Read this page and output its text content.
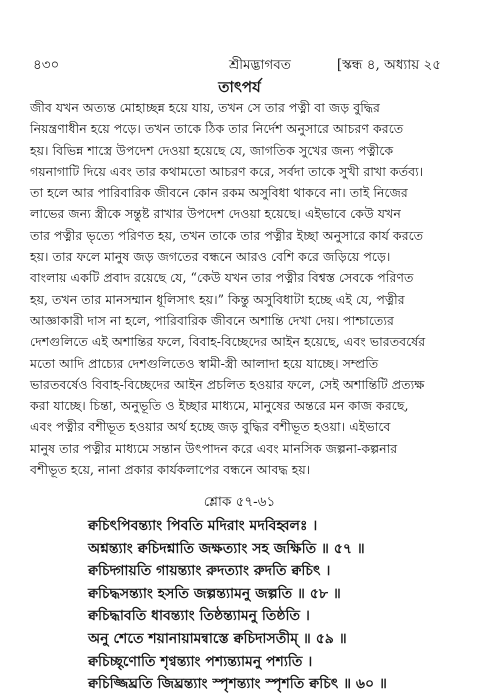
৪৩০	শ্রীমদ্ভাগবত	[স্কন্ধ ৪, অধ্যায় ২৫
তাৎপর্য
জীব যখন অত্যন্ত মোহাচ্ছন্ন হয়ে যায়, তখন সে তার পত্নী বা জড় বুদ্ধির
নিয়ন্ত্রণাধীন হয়ে পড়ে। তখন তাকে ঠিক তার নির্দেশ অনুসারে আচরণ করতে
হয়। বিভিন্ন শাস্ত্রে উপদেশ দেওয়া হয়েছে যে, জাগতিক সুখের জন্য পত্নীকে
গয়নাগাটি দিয়ে এবং তার কথামতো আচরণ করে, সর্বদা তাকে সুখী রাখা কর্তব্য।
তা হলে আর পারিবারিক জীবনে কোন রকম অসুবিধা থাকবে না। তাই নিজের
লাভের জন্য স্ত্রীকে সন্তুষ্ট রাখার উপদেশ দেওয়া হয়েছে। এইভাবে কেউ যখন
তার পত্নীর ভৃত্যে পরিণত হয়, তখন তাকে তার পত্নীর ইচ্ছা অনুসারে কার্য করতে
হয়। তার ফলে মানুষ জড় জগতের বন্ধনে আরও বেশি করে জড়িয়ে পড়ে।
বাংলায় একটি প্রবাদ রয়েছে যে, “কেউ যখন তার পত্নীর বিশ্বস্ত সেবকে পরিণত
হয়, তখন তার মানসম্মান ধূলিসাৎ হয়।” কিন্তু অসুবিধাটা হচ্ছে এই যে, পত্নীর
আজ্ঞাকারী দাস না হলে, পারিবারিক জীবনে অশান্তি দেখা দেয়। পাশ্চাত্যের
দেশগুলিতে এই অশান্তির ফলে, বিবাহ-বিচ্ছেদের আইন হয়েছে, এবং ভারতবর্ষের
মতো আদি প্রাচ্যের দেশগুলিতেও স্বামী-স্ত্রী আলাদা হয়ে যাচ্ছে। সম্প্রতি
ভারতবর্ষেও বিবাহ-বিচ্ছেদের আইন প্রচলিত হওয়ার ফলে, সেই অশান্তিটি প্রত্যক্ষ
করা যাচ্ছে। চিন্তা, অনুভূতি ও ইচ্ছার মাধ্যমে, মানুষের অন্তরে মন কাজ করছে,
এবং পত্নীর বশীভূত হওয়ার অর্থ হচ্ছে জড় বুদ্ধির বশীভূত হওয়া। এইভাবে
মানুষ তার পত্নীর মাধ্যমে সন্তান উৎপাদন করে এবং মানসিক জল্পনা-কল্পনার
বশীভূত হয়ে, নানা প্রকার কার্যকলাপের বন্ধনে আবদ্ধ হয়।
শ্লোক ৫৭-৬১
ক্বচিৎপিবন্ত্যাং পিবতি মদিরাং মদবিহ্বলঃ ।
অশ্নন্ত্যাং ক্বচিদশ্নাতি জক্ষত্যাং সহ জক্ষিতি ॥ ৫৭ ॥
ক্বচিদ্গায়তি গায়ন্ত্যাং রুদত্যাং রুদতি ক্বচিৎ ।
ক্বচিদ্ধসন্ত্যাং হসতি জল্পন্ত্যামনু জল্পতি ॥ ৫৮ ॥
ক্বচিদ্ধাবতি ধাবন্ত্যাং তিষ্ঠন্ত্যামনু তিষ্ঠতি ।
অনু শেতে শয়ানায়ামন্বাস্তে ক্বচিদাসতীম্ ॥ ৫৯ ॥
ক্বচিচ্ছৃণোতি শৃণ্বন্ত্যাং পশ্যন্ত্যামনু পশ্যতি ।
ক্বচিজ্জিঘ্রতি জিঘ্রন্ত্যাং স্পৃশন্ত্যাং স্পৃশতি ক্বচিৎ ॥ ৬০ ॥
